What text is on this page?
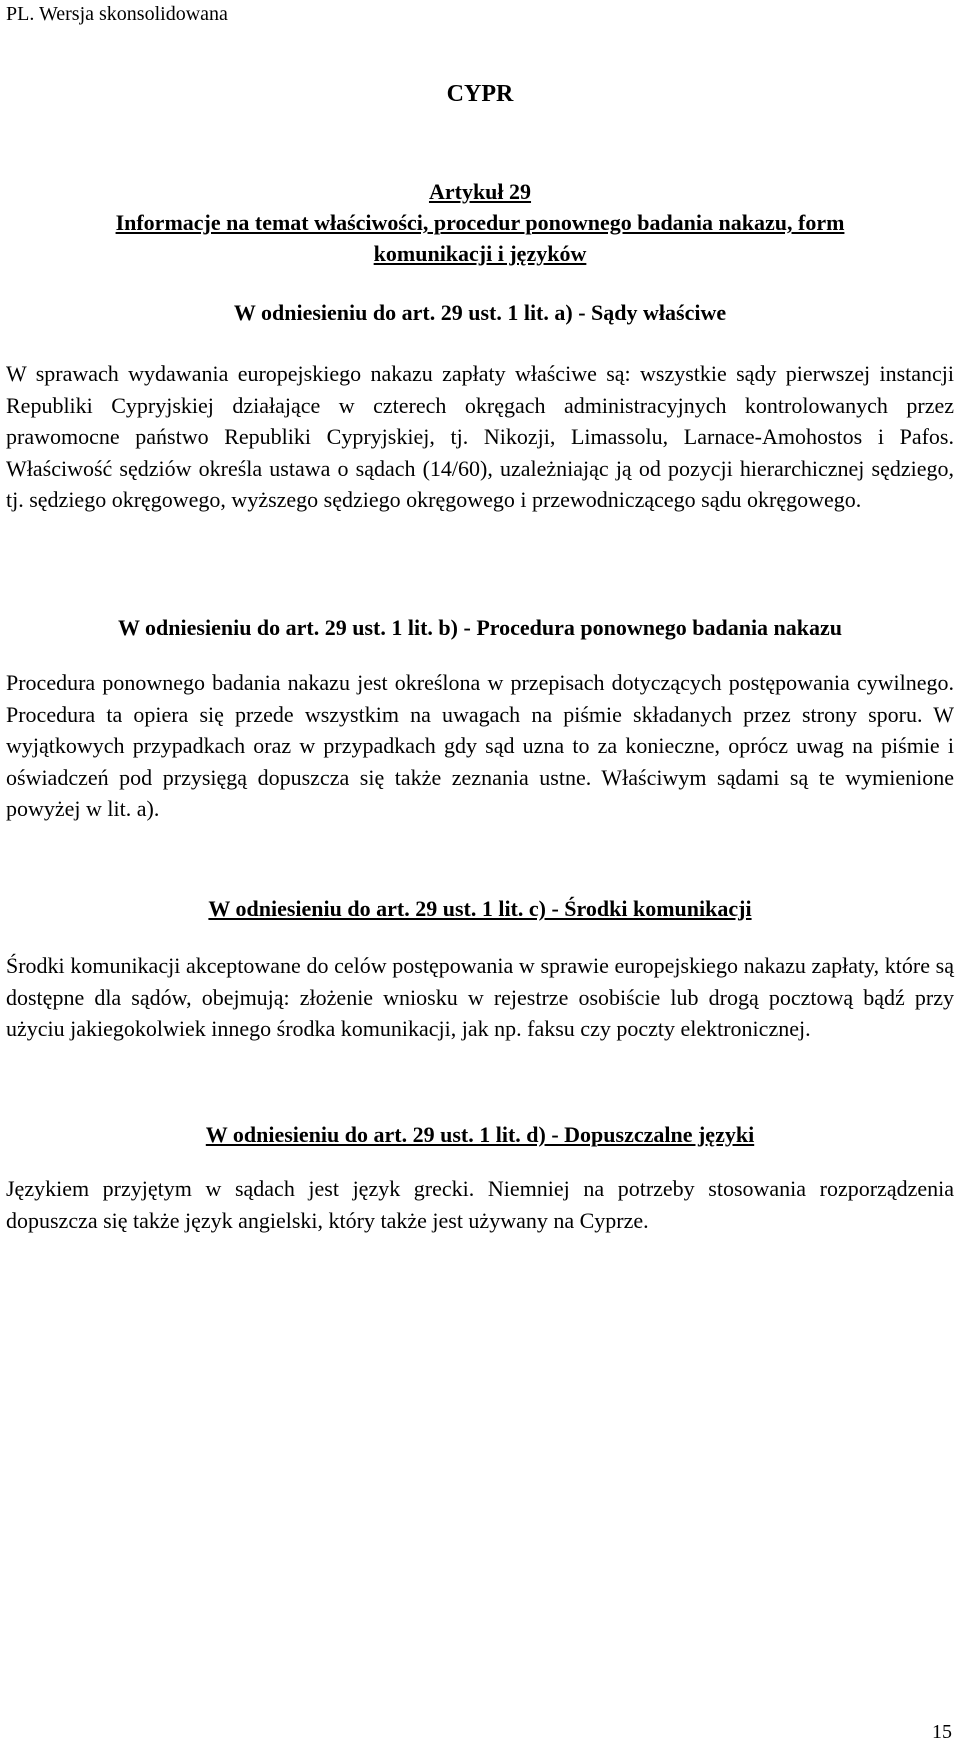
PL. Wersja skonsolidowana
CYPR
Artykuł 29
Informacje na temat właściwości, procedur ponownego badania nakazu, form
komunikacji i języków
W odniesieniu do art. 29 ust. 1 lit. a) - Sądy właściwe
W sprawach wydawania europejskiego nakazu zapłaty właściwe są: wszystkie sądy pierwszej instancji Republiki Cypryjskiej działające w czterech okręgach administracyjnych kontrolowanych przez prawomocne państwo Republiki Cypryjskiej, tj. Nikozji, Limassolu, Larnace-Amohostos i Pafos. Właściwość sędziów określa ustawa o sądach (14/60), uzależniając ją od pozycji hierarchicznej sędziego, tj. sędziego okręgowego, wyższego sędziego okręgowego i przewodniczącego sądu okręgowego.
W odniesieniu do art. 29 ust. 1 lit. b) - Procedura ponownego badania nakazu
Procedura ponownego badania nakazu jest określona w przepisach dotyczących postępowania cywilnego. Procedura ta opiera się przede wszystkim na uwagach na piśmie składanych przez strony sporu. W wyjątkowych przypadkach oraz w przypadkach gdy sąd uzna to za konieczne, oprócz uwag na piśmie i oświadczeń pod przysięgą dopuszcza się także zeznania ustne. Właściwym sądami są te wymienione powyżej w lit. a).
W odniesieniu do art. 29 ust. 1 lit. c) - Środki komunikacji
Środki komunikacji akceptowane do celów postępowania w sprawie europejskiego nakazu zapłaty, które są dostępne dla sądów, obejmują: złożenie wniosku w rejestrze osobiście lub drogą pocztową bądź przy użyciu jakiegokolwiek innego środka komunikacji, jak np. faksu czy poczty elektronicznej.
W odniesieniu do art. 29 ust. 1 lit. d) - Dopuszczalne języki
Językiem przyjętym w sądach jest język grecki. Niemniej na potrzeby stosowania rozporządzenia dopuszcza się także język angielski, który także jest używany na Cyprze.
15
